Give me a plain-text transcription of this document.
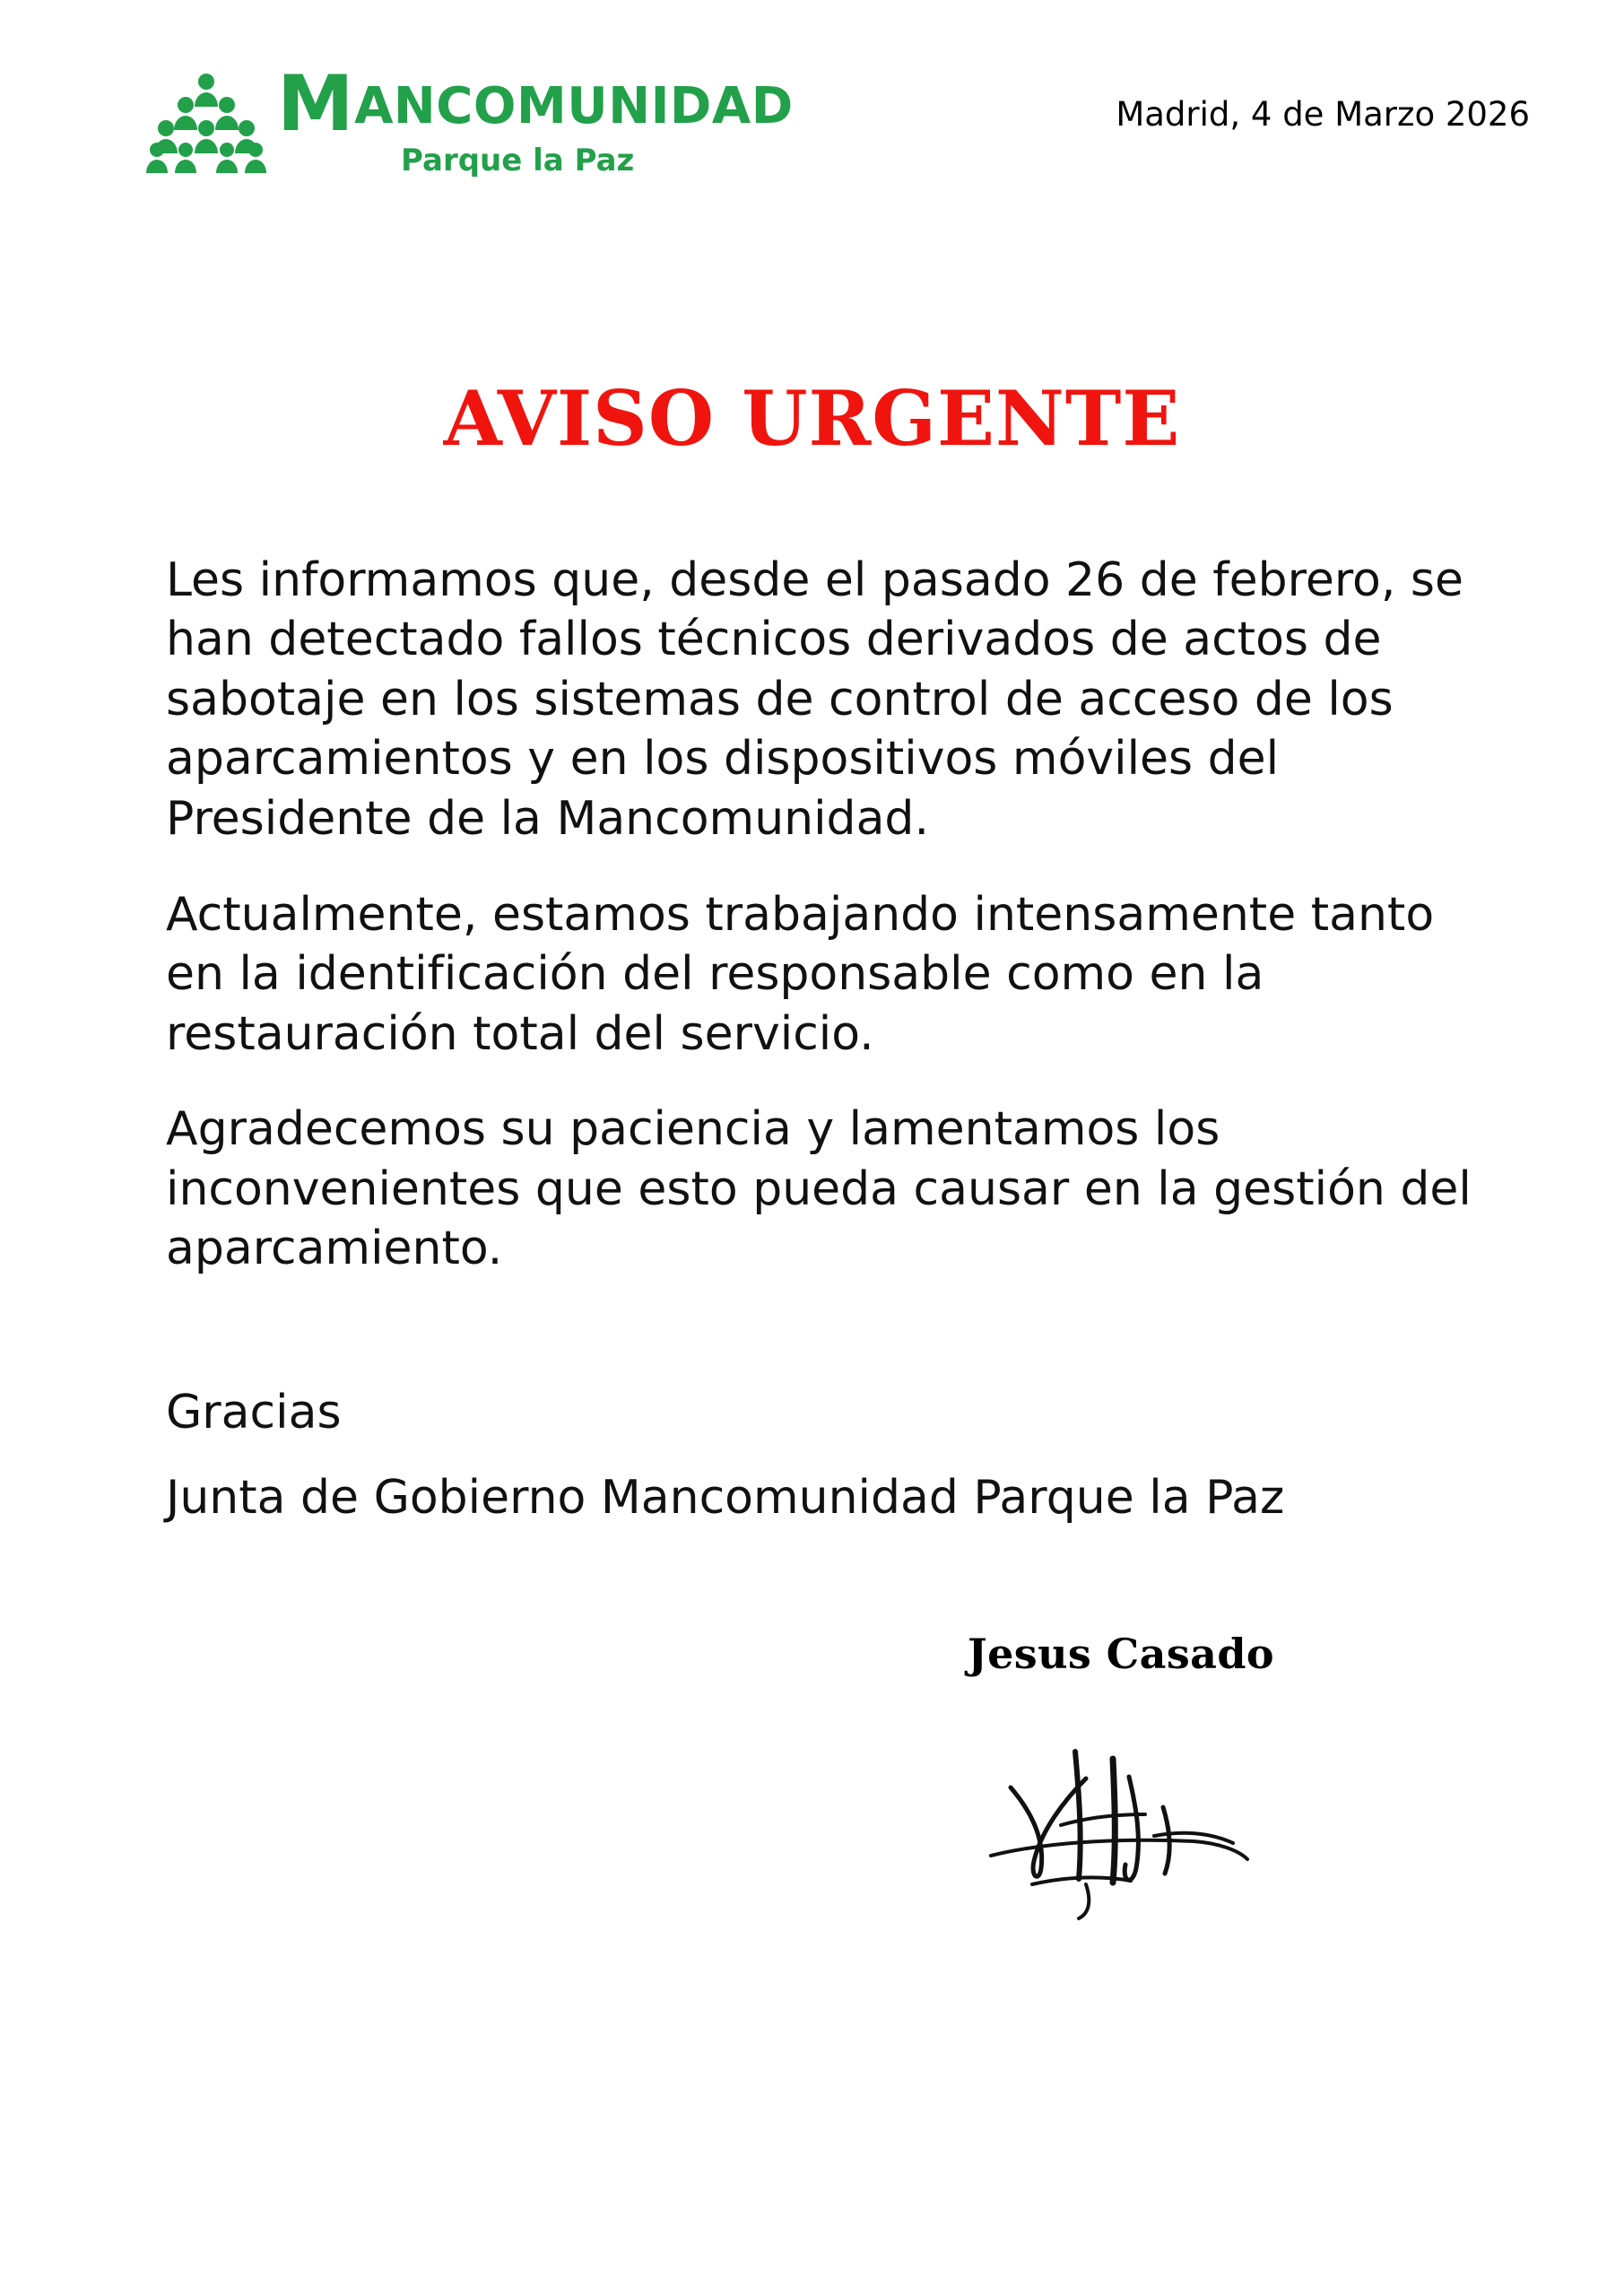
MANCOMUNIDAD
Parque la Paz
Madrid, 4 de Marzo 2026
AVISO URGENTE

Les informamos que, desde el pasado 26 de febrero, se han detectado fallos técnicos derivados de actos de sabotaje en los sistemas de control de acceso de los aparcamientos y en los dispositivos móviles del Presidente de la Mancomunidad.

Actualmente, estamos trabajando intensamente tanto en la identificación del responsable como en la restauración total del servicio.

Agradecemos su paciencia y lamentamos los inconvenientes que esto pueda causar en la gestión del aparcamiento.

Gracias
Junta de Gobierno Mancomunidad Parque la Paz
Jesus Casado
